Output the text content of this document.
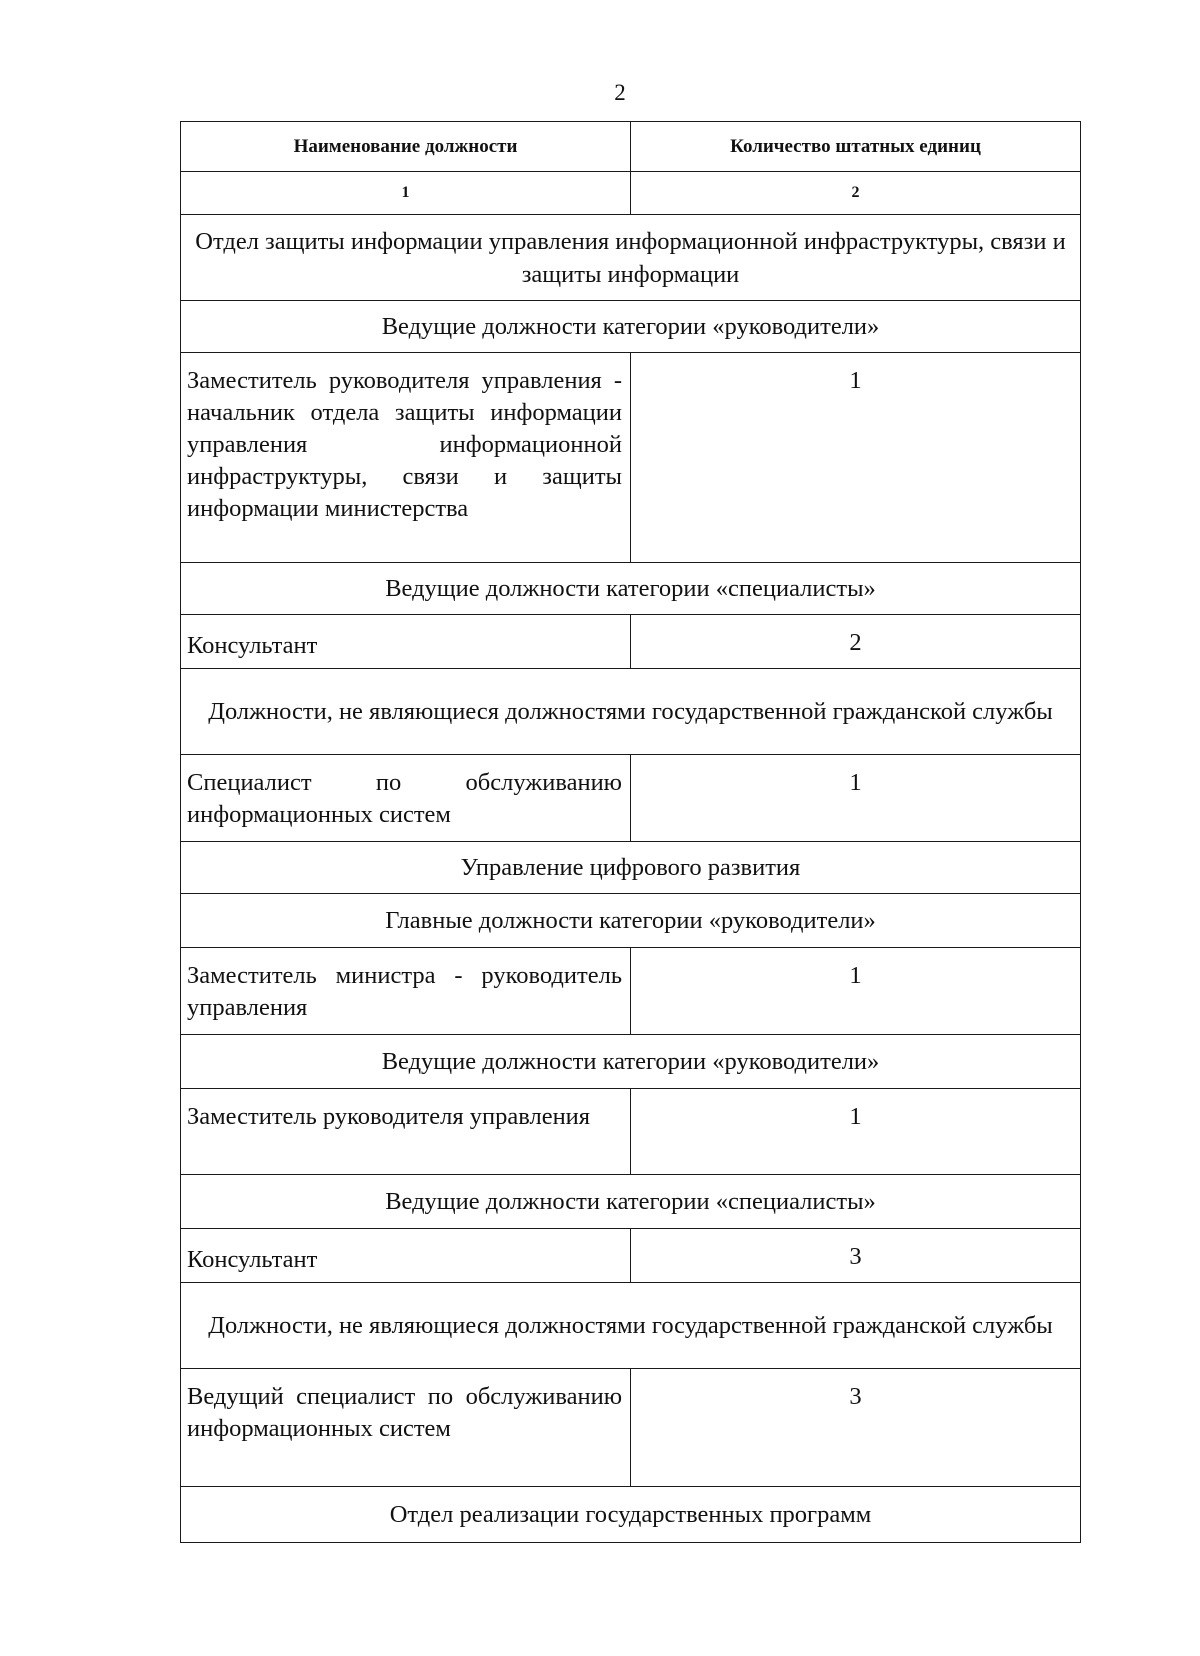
2
Наименование должности	Количество штатных единиц
1	2
Отдел защиты информации управления информационной инфраструктуры, связи и защиты информации	
Ведущие должности категории «руководители»	
Заместитель руководителя управления - начальник отдела защиты информации управления информационной инфраструктуры, связи и защиты информации министерства	1
Ведущие должности категории «специалисты»	
Консультант	2
Должности, не являющиеся должностями государственной гражданской службы	
Специалист по обслуживанию информационных систем	1
Управление цифрового развития	
Главные должности категории «руководители»	
Заместитель министра - руководитель управления	1
Ведущие должности категории «руководители»	
Заместитель руководителя управления	1
Ведущие должности категории «специалисты»	
Консультант	3
Должности, не являющиеся должностями государственной гражданской службы	
Ведущий специалист по обслуживанию информационных систем	3
Отдел реализации государственных программ	
